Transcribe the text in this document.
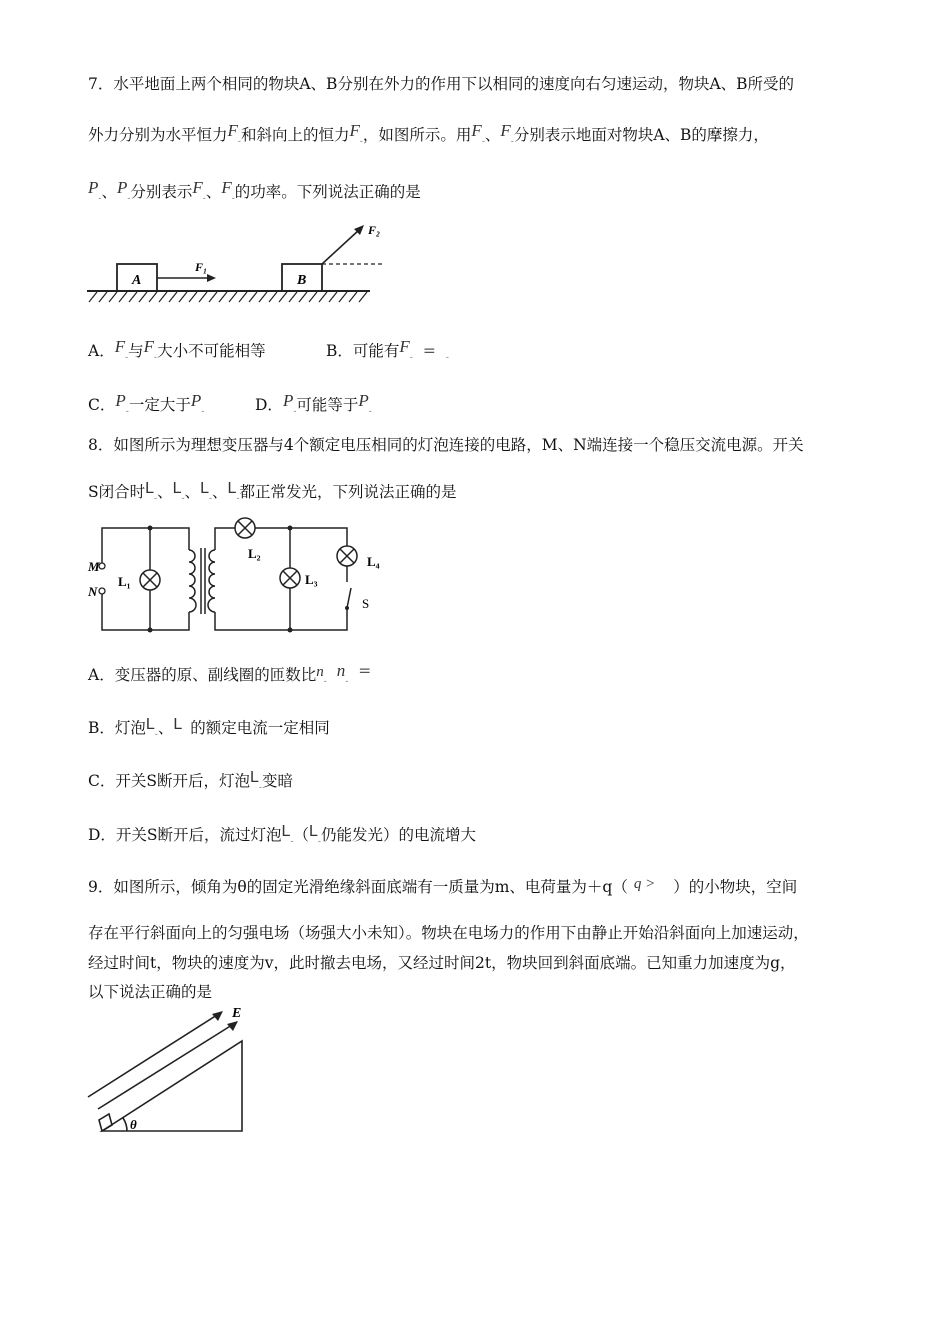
7．水平地面上两个相同的物块A、B分别在外力的作用下以相同的速度向右匀速运动，物块A、B所受的
外力分别为水平恒力$F_-$和斜向上的恒力$F_-$，如图所示。用$F_-$、$F_-$分别表示地面对物块A、B的摩擦力，
$P_-$、$P_-$分别表示$F_-$、$F_-$的功率。下列说法正确的是
A
F₁
B
F₂
A．$F_-$与$F_-$大小不可能相等	B．可能有$F_- = _-$
C．$P_-$一定大于$P_-$	D．$P_-$可能等于$P_-$
8．如图所示为理想变压器与4个额定电压相同的灯泡连接的电路，M、N端连接一个稳压交流电源。开关
S闭合时$L_-$、$L_-$、$L_-$、$L_-$都正常发光，下列说法正确的是
M
N
L₁
L₂
L₃
L₄
S
A．变压器的原、副线圈的匝数比$n_-n_-=$
B．灯泡$L_-$、L 的额定电流一定相同
C．开关S断开后，灯泡$L_-$变暗
D．开关S断开后，流过灯泡$L_-(L_-$仍能发光）的电流增大
9．如图所示，倾角为θ的固定光滑绝缘斜面底端有一质量为m、电荷量为＋q（ q > ）的小物块，空间
存在平行斜面向上的匀强电场（场强大小未知）。物块在电场力的作用下由静止开始沿斜面向上加速运动，
经过时间t，物块的速度为v，此时撤去电场，又经过时间2t，物块回到斜面底端。已知重力加速度为g，
以下说法正确的是
E
θ
